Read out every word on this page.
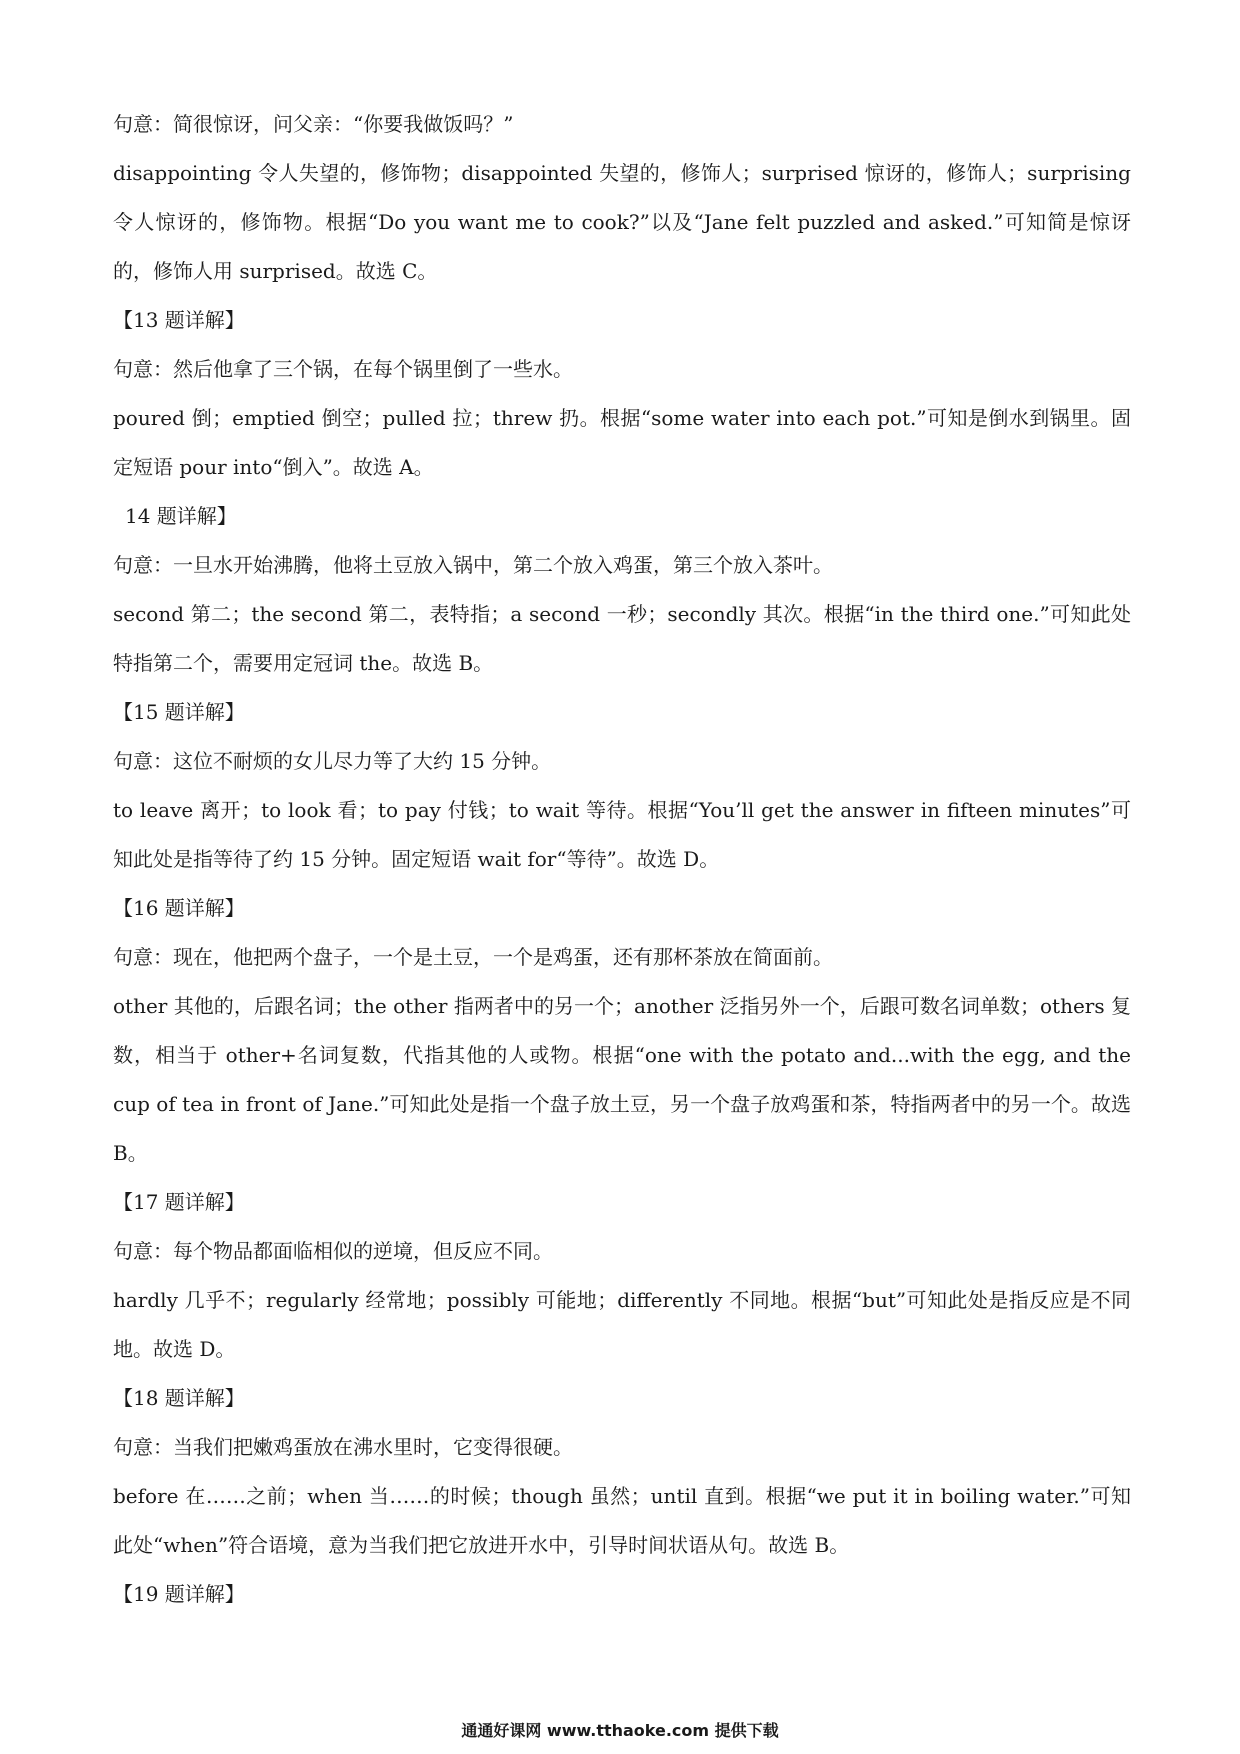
句意：简很惊讶，问父亲：“你要我做饭吗？”

disappointing 令人失望的，修饰物；disappointed 失望的，修饰人；surprised 惊讶的，修饰人；surprising 令人惊讶的，修饰物。根据“Do you want me to cook?”以及“Jane felt puzzled and asked.”可知简是惊讶的，修饰人用 surprised。故选 C。

【13 题详解】

句意：然后他拿了三个锅，在每个锅里倒了一些水。

poured 倒；emptied 倒空；pulled 拉；threw 扔。根据“some water into each pot.”可知是倒水到锅里。固定短语 pour into“倒入”。故选 A。

14 题详解】

句意：一旦水开始沸腾，他将土豆放入锅中，第二个放入鸡蛋，第三个放入茶叶。

second 第二；the second 第二，表特指；a second 一秒；secondly 其次。根据“in the third one.”可知此处特指第二个，需要用定冠词 the。故选 B。

【15 题详解】

句意：这位不耐烦的女儿尽力等了大约 15 分钟。

to leave 离开；to look 看；to pay 付钱；to wait 等待。根据“You’ll get the answer in fifteen minutes”可知此处是指等待了约 15 分钟。固定短语 wait for“等待”。故选 D。

【16 题详解】

句意：现在，他把两个盘子，一个是土豆，一个是鸡蛋，还有那杯茶放在简面前。

other 其他的，后跟名词；the other 指两者中的另一个；another 泛指另外一个，后跟可数名词单数；others 复数，相当于 other+名词复数，代指其他的人或物。根据“one with the potato and...with the egg, and the cup of tea in front of Jane.”可知此处是指一个盘子放土豆，另一个盘子放鸡蛋和茶，特指两者中的另一个。故选 B。

【17 题详解】

句意：每个物品都面临相似的逆境，但反应不同。

hardly 几乎不；regularly 经常地；possibly 可能地；differently 不同地。根据“but”可知此处是指反应是不同地。故选 D。

【18 题详解】

句意：当我们把嫩鸡蛋放在沸水里时，它变得很硬。

before 在……之前；when 当……的时候；though 虽然；until 直到。根据“we put it in boiling water.”可知此处“when”符合语境，意为当我们把它放进开水中，引导时间状语从句。故选 B。

【19 题详解】

通通好课网 www.tthaoke.com 提供下载
